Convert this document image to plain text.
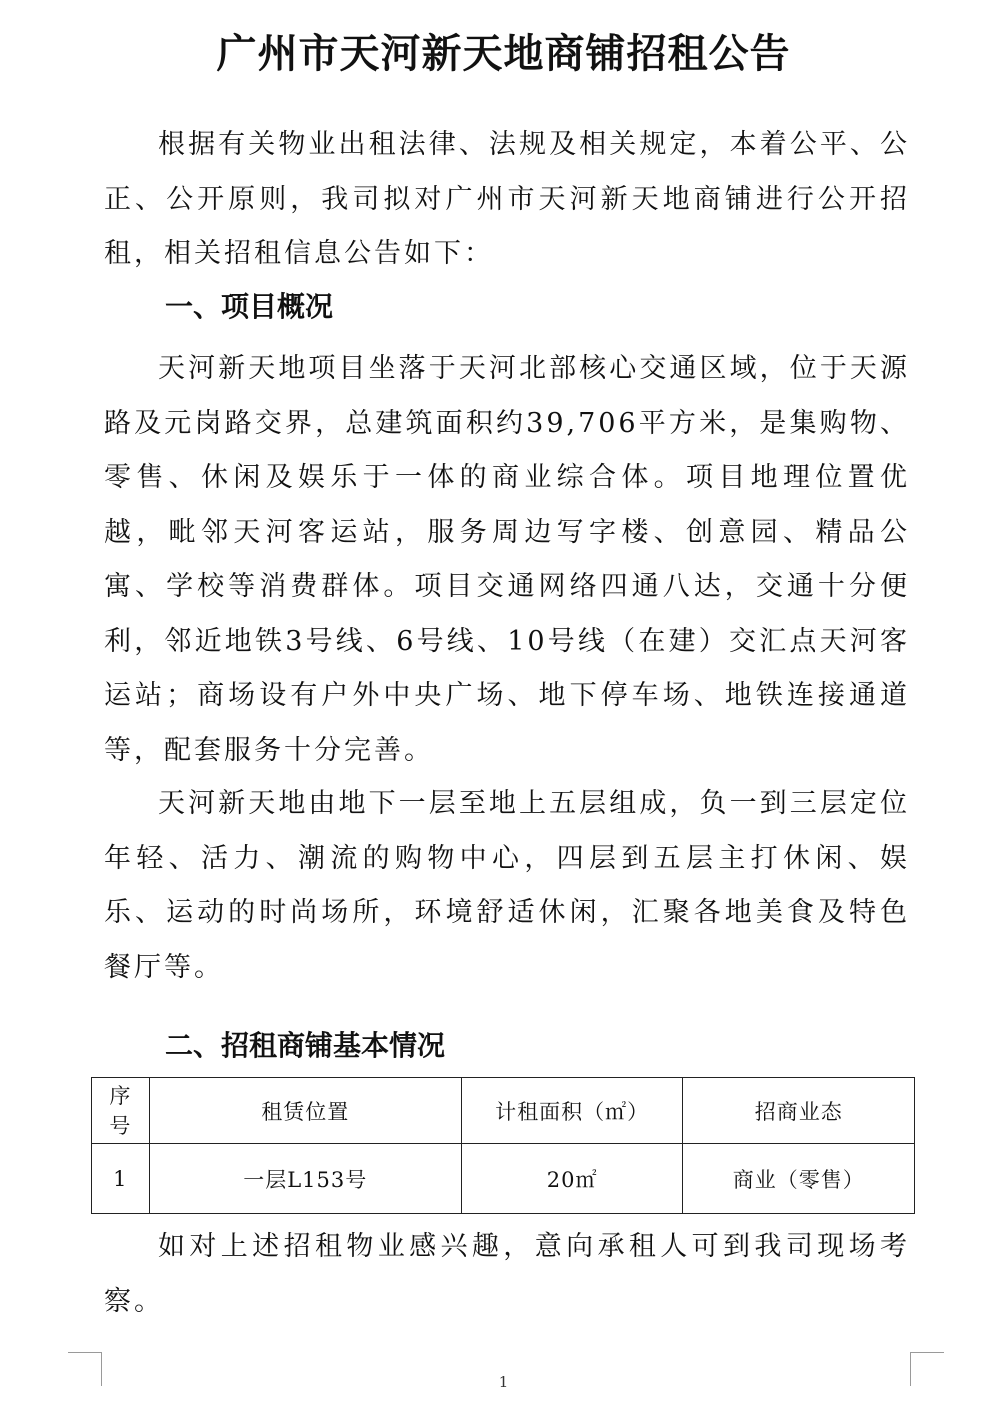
广州市天河新天地商铺招租公告

根据有关物业出租法律、法规及相关规定，本着公平、公正、公开原则，我司拟对广州市天河新天地商铺进行公开招租，相关招租信息公告如下：

一、项目概况

天河新天地项目坐落于天河北部核心交通区域，位于天源路及元岗路交界，总建筑面积约39,706平方米，是集购物、零售、休闲及娱乐于一体的商业综合体。项目地理位置优越，毗邻天河客运站，服务周边写字楼、创意园、精品公寓、学校等消费群体。项目交通网络四通八达，交通十分便利，邻近地铁3号线、6号线、10号线（在建）交汇点天河客运站；商场设有户外中央广场、地下停车场、地铁连接通道等，配套服务十分完善。

天河新天地由地下一层至地上五层组成，负一到三层定位年轻、活力、潮流的购物中心，四层到五层主打休闲、娱乐、运动的时尚场所，环境舒适休闲，汇聚各地美食及特色餐厅等。

二、招租商铺基本情况
序号	租赁位置	计租面积（㎡）	招商业态
1	一层L153号	20㎡	商业（零售）

如对上述招租物业感兴趣，意向承租人可到我司现场考察。

1
